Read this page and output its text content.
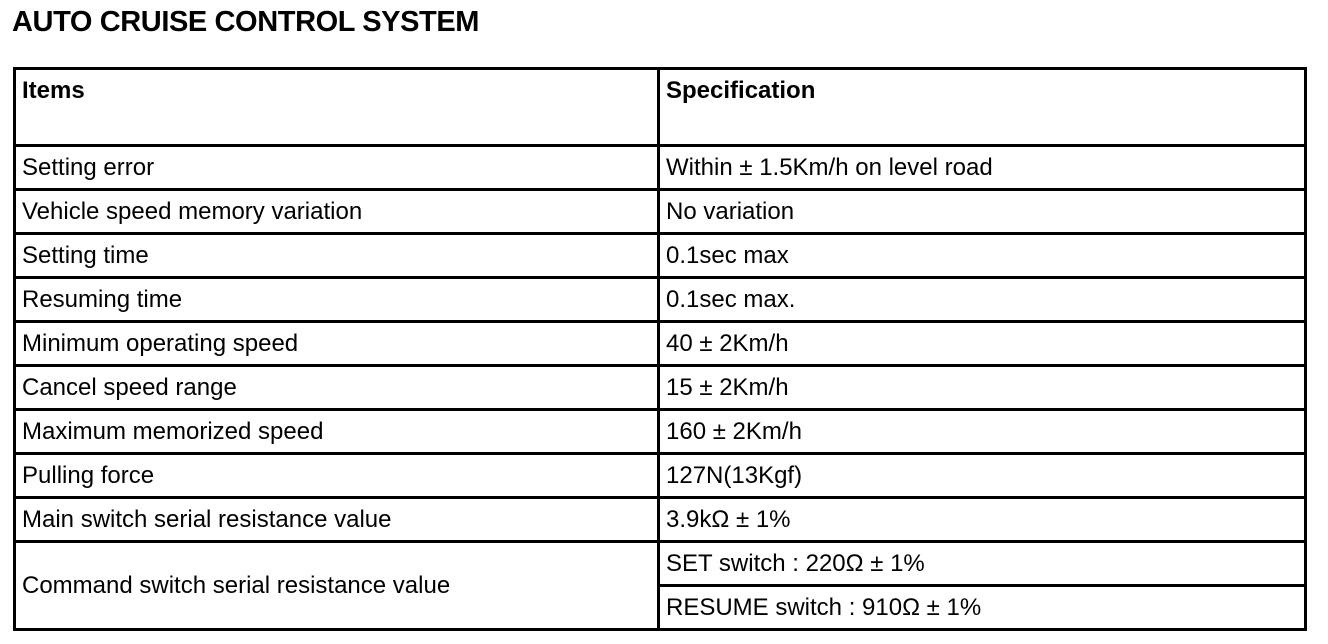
AUTO CRUISE CONTROL SYSTEM
Items	Specification
Setting error	Within ± 1.5Km/h on level road
Vehicle speed memory variation	No variation
Setting time	0.1sec max
Resuming time	0.1sec max.
Minimum operating speed	40 ± 2Km/h
Cancel speed range	15 ± 2Km/h
Maximum memorized speed	160 ± 2Km/h
Pulling force	127N(13Kgf)
Main switch serial resistance value	3.9kΩ ± 1%
Command switch serial resistance value	SET switch : 220Ω ± 1%
	RESUME switch : 910Ω ± 1%
